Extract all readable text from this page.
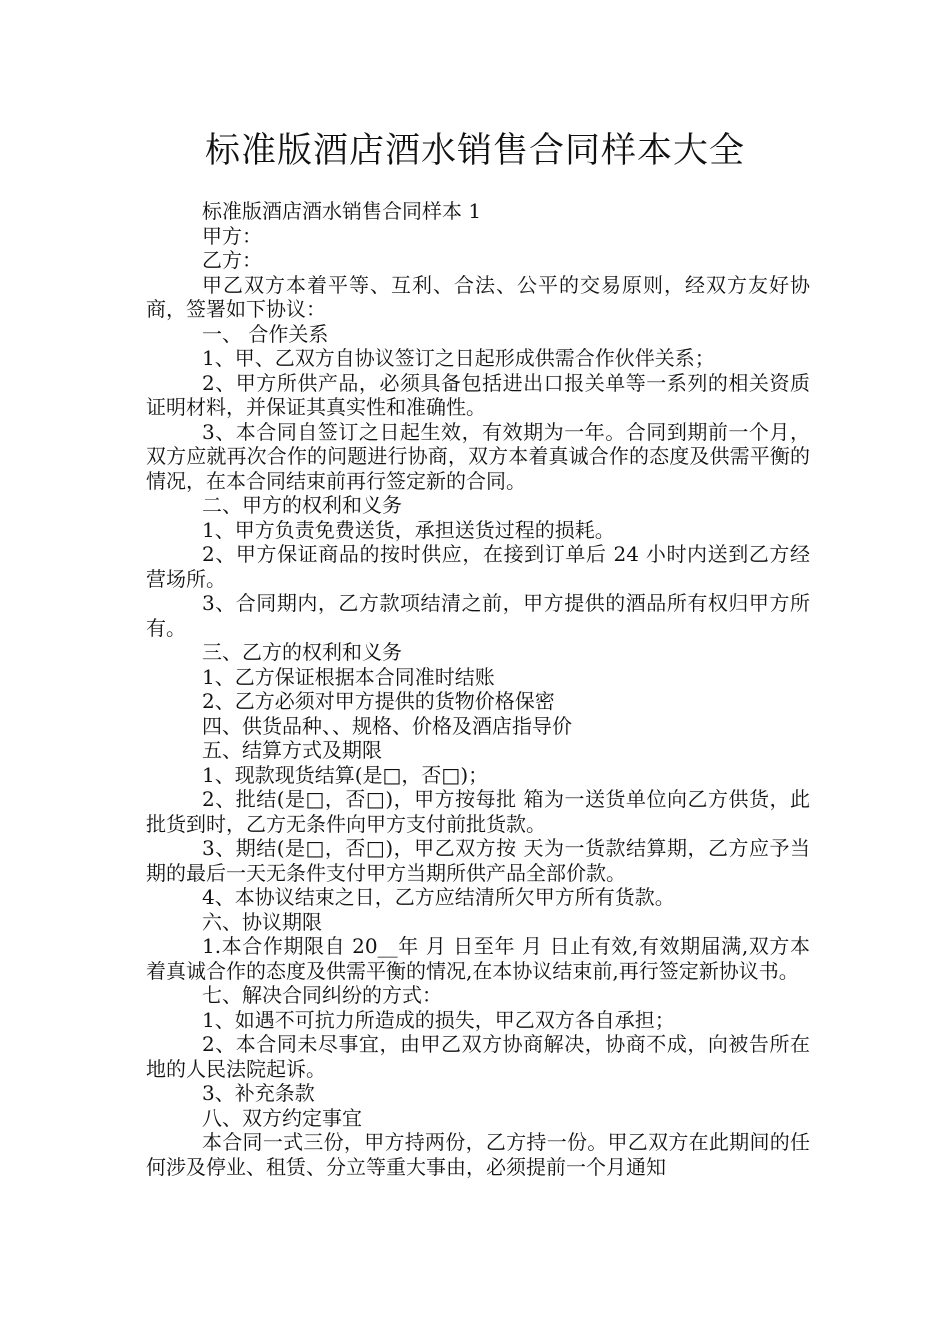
标准版酒店酒水销售合同样本大全

标准版酒店酒水销售合同样本 1

甲方：

乙方：

甲乙双方本着平等、互利、合法、公平的交易原则，经双方友好协商，签署如下协议：

一、 合作关系

1、甲、乙双方自协议签订之日起形成供需合作伙伴关系；

2、甲方所供产品，必须具备包括进出口报关单等一系列的相关资质证明材料，并保证其真实性和准确性。

3、本合同自签订之日起生效，有效期为一年。合同到期前一个月，双方应就再次合作的问题进行协商，双方本着真诚合作的态度及供需平衡的情况，在本合同结束前再行签定新的合同。

二、甲方的权利和义务

1、甲方负责免费送货，承担送货过程的损耗。

2、甲方保证商品的按时供应，在接到订单后 24 小时内送到乙方经营场所。

3、合同期内，乙方款项结清之前，甲方提供的酒品所有权归甲方所有。

三、乙方的权利和义务

1、乙方保证根据本合同准时结账

2、乙方必须对甲方提供的货物价格保密

四、供货品种、、规格、价格及酒店指导价

五、结算方式及期限

1、现款现货结算(是□，否□)；

2、批结(是□，否□)，甲方按每批 箱为一送货单位向乙方供货，此批货到时，乙方无条件向甲方支付前批货款。

3、期结(是□，否□)，甲乙双方按 天为一货款结算期，乙方应予当期的最后一天无条件支付甲方当期所供产品全部价款。

4、本协议结束之日，乙方应结清所欠甲方所有货款。

六、协议期限

1.本合作期限自 20__年 月 日至年 月 日止有效,有效期届满,双方本着真诚合作的态度及供需平衡的情况,在本协议结束前,再行签定新协议书。

七、解决合同纠纷的方式：

1、如遇不可抗力所造成的损失，甲乙双方各自承担；

2、本合同未尽事宜，由甲乙双方协商解决，协商不成，向被告所在地的人民法院起诉。

3、补充条款

八、双方约定事宜

本合同一式三份，甲方持两份，乙方持一份。甲乙双方在此期间的任何涉及停业、租赁、分立等重大事由，必须提前一个月通知
